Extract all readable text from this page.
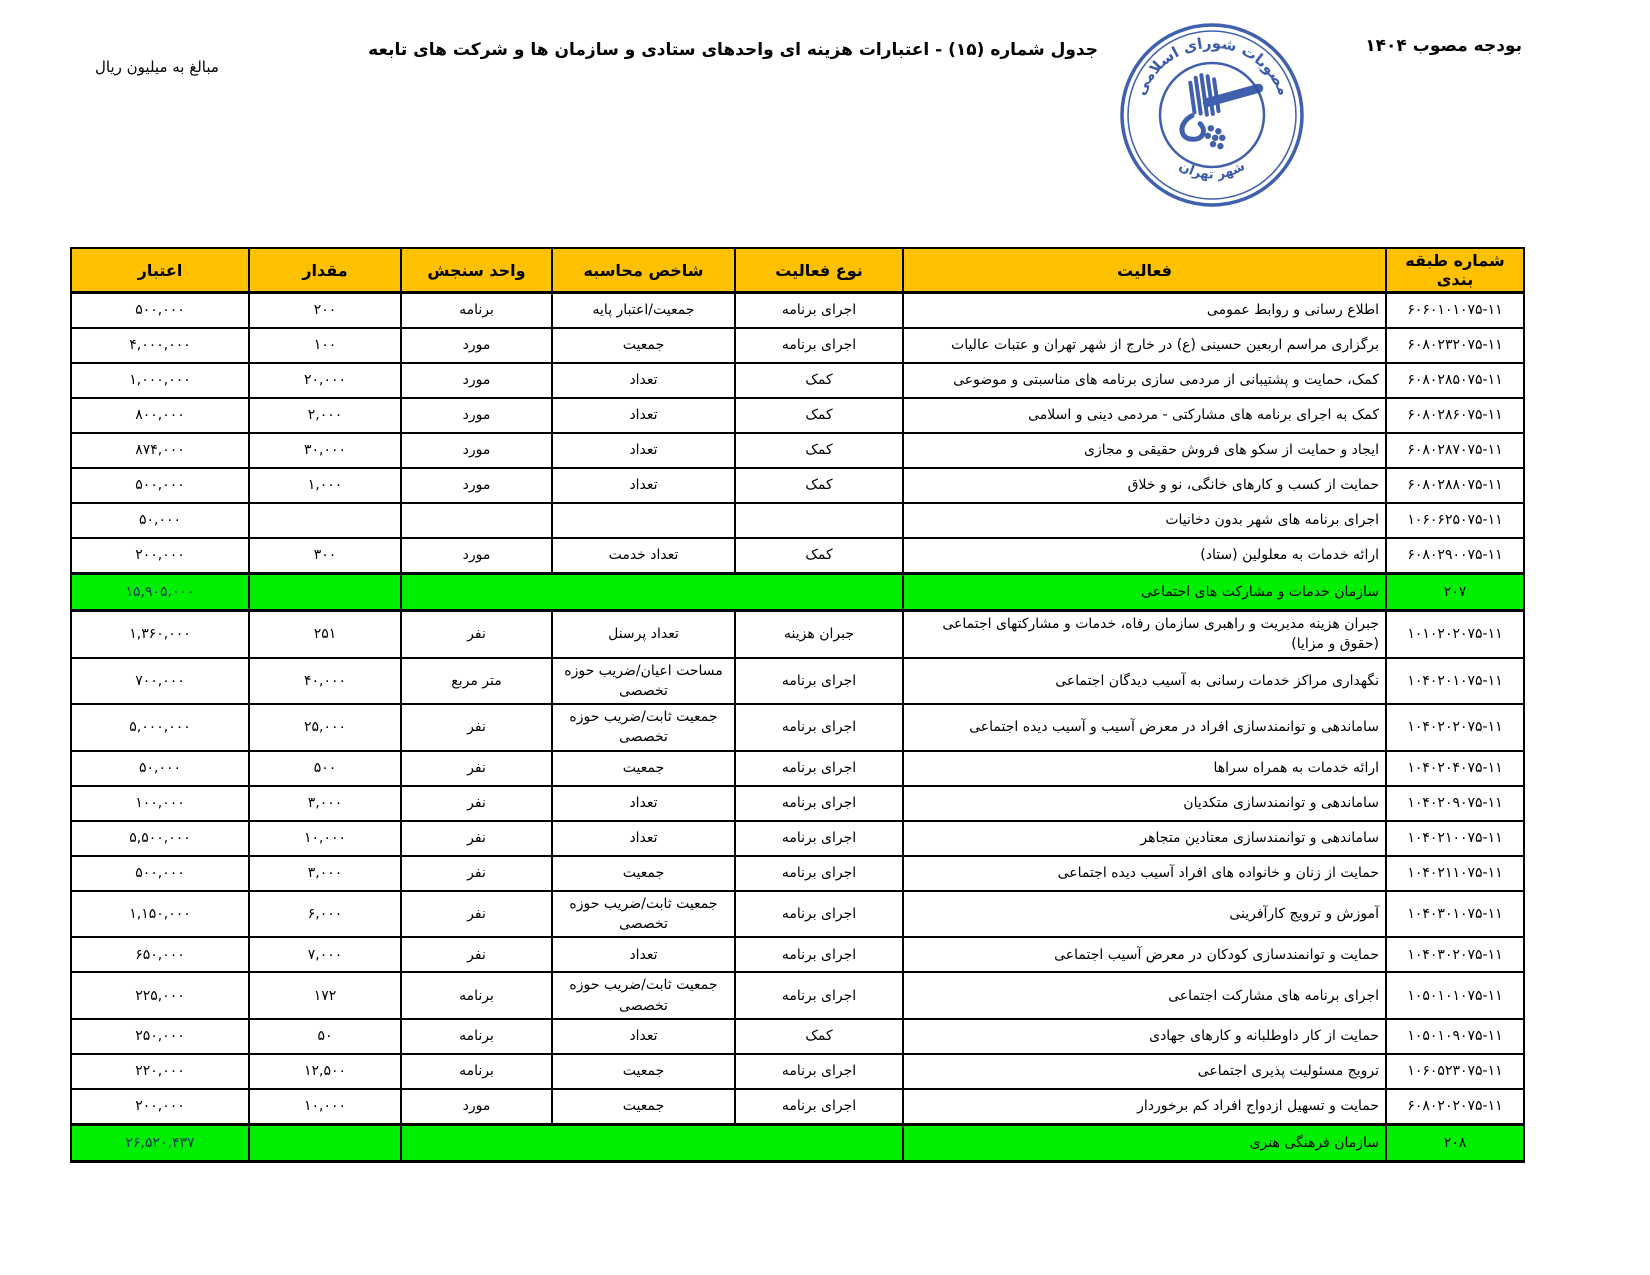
بودجه مصوب ۱۴۰۴
جدول شماره (۱۵) - اعتبارات هزینه ای واحدهای ستادی و سازمان ها و شرکت های تابعه
مبالغ به میلیون ریال
مصوبات شورای اسلامی
شهر تهران
شماره طبقه بندی	فعالیت	نوع فعالیت	شاخص محاسبه	واحد سنجش	مقدار	اعتبار
۶۰۶۰۱۰۱۰۷۵-۱۱	اطلاع رسانی و روابط عمومی	اجرای برنامه	جمعیت/اعتبار پایه	برنامه	۲۰۰	۵۰۰,۰۰۰
۶۰۸۰۲۳۲۰۷۵-۱۱	برگزاری مراسم اربعین حسینی (ع) در خارج از شهر تهران و عتبات عالیات	اجرای برنامه	جمعیت	مورد	۱۰۰	۴,۰۰۰,۰۰۰
۶۰۸۰۲۸۵۰۷۵-۱۱	کمک، حمایت و پشتیبانی از مردمی سازی برنامه های مناسبتی و موضوعی	کمک	تعداد	مورد	۲۰,۰۰۰	۱,۰۰۰,۰۰۰
۶۰۸۰۲۸۶۰۷۵-۱۱	کمک به اجرای برنامه های مشارکتی - مردمی دینی و اسلامی	کمک	تعداد	مورد	۲,۰۰۰	۸۰۰,۰۰۰
۶۰۸۰۲۸۷۰۷۵-۱۱	ایجاد و حمایت از سکو های فروش حقیقی و مجازی	کمک	تعداد	مورد	۳۰,۰۰۰	۸۷۴,۰۰۰
۶۰۸۰۲۸۸۰۷۵-۱۱	حمایت از کسب و کارهای خانگی، نو و خلاق	کمک	تعداد	مورد	۱,۰۰۰	۵۰۰,۰۰۰
۱۰۶۰۶۲۵۰۷۵-۱۱	اجرای برنامه های شهر بدون دخانیات					۵۰,۰۰۰
۶۰۸۰۲۹۰۰۷۵-۱۱	ارائه خدمات به معلولین (ستاد)	کمک	تعداد خدمت	مورد	۳۰۰	۲۰۰,۰۰۰
۲۰۷	سازمان خدمات و مشارکت های اجتماعی					۱۵,۹۰۵,۰۰۰
۱۰۱۰۲۰۲۰۷۵-۱۱	جبران هزینه مدیریت و راهبری سازمان رفاه، خدمات و مشارکتهای اجتماعی (حقوق و مزایا)	جبران هزینه	تعداد پرسنل	نفر	۲۵۱	۱,۳۶۰,۰۰۰
۱۰۴۰۲۰۱۰۷۵-۱۱	نگهداری مراکز خدمات رسانی به آسیب دیدگان اجتماعی	اجرای برنامه	مساحت اعیان/ضریب حوزه تخصصی	متر مربع	۴۰,۰۰۰	۷۰۰,۰۰۰
۱۰۴۰۲۰۲۰۷۵-۱۱	ساماندهی و توانمندسازی افراد در معرض آسیب و آسیب دیده اجتماعی	اجرای برنامه	جمعیت ثابت/ضریب حوزه تخصصی	نفر	۲۵,۰۰۰	۵,۰۰۰,۰۰۰
۱۰۴۰۲۰۴۰۷۵-۱۱	ارائه خدمات به همراه سراها	اجرای برنامه	جمعیت	نفر	۵۰۰	۵۰,۰۰۰
۱۰۴۰۲۰۹۰۷۵-۱۱	ساماندهی و توانمندسازی متکدیان	اجرای برنامه	تعداد	نفر	۳,۰۰۰	۱۰۰,۰۰۰
۱۰۴۰۲۱۰۰۷۵-۱۱	ساماندهی و توانمندسازی معتادین متجاهر	اجرای برنامه	تعداد	نفر	۱۰,۰۰۰	۵,۵۰۰,۰۰۰
۱۰۴۰۲۱۱۰۷۵-۱۱	حمایت از زنان و خانواده های افراد آسیب دیده اجتماعی	اجرای برنامه	جمعیت	نفر	۳,۰۰۰	۵۰۰,۰۰۰
۱۰۴۰۳۰۱۰۷۵-۱۱	آموزش و ترویج کارآفرینی	اجرای برنامه	جمعیت ثابت/ضریب حوزه تخصصی	نفر	۶,۰۰۰	۱,۱۵۰,۰۰۰
۱۰۴۰۳۰۲۰۷۵-۱۱	حمایت و توانمندسازی کودکان در معرض آسیب اجتماعی	اجرای برنامه	تعداد	نفر	۷,۰۰۰	۶۵۰,۰۰۰
۱۰۵۰۱۰۱۰۷۵-۱۱	اجرای برنامه های مشارکت اجتماعی	اجرای برنامه	جمعیت ثابت/ضریب حوزه تخصصی	برنامه	۱۷۲	۲۲۵,۰۰۰
۱۰۵۰۱۰۹۰۷۵-۱۱	حمایت از کار داوطلبانه و کارهای جهادی	کمک	تعداد	برنامه	۵۰	۲۵۰,۰۰۰
۱۰۶۰۵۲۳۰۷۵-۱۱	ترویج مسئولیت پذیری اجتماعی	اجرای برنامه	جمعیت	برنامه	۱۲,۵۰۰	۲۲۰,۰۰۰
۶۰۸۰۲۰۲۰۷۵-۱۱	حمایت و تسهیل ازدواج افراد کم برخوردار	اجرای برنامه	جمعیت	مورد	۱۰,۰۰۰	۲۰۰,۰۰۰
۲۰۸	سازمان فرهنگی هنری					۲۶,۵۲۰,۴۳۷
